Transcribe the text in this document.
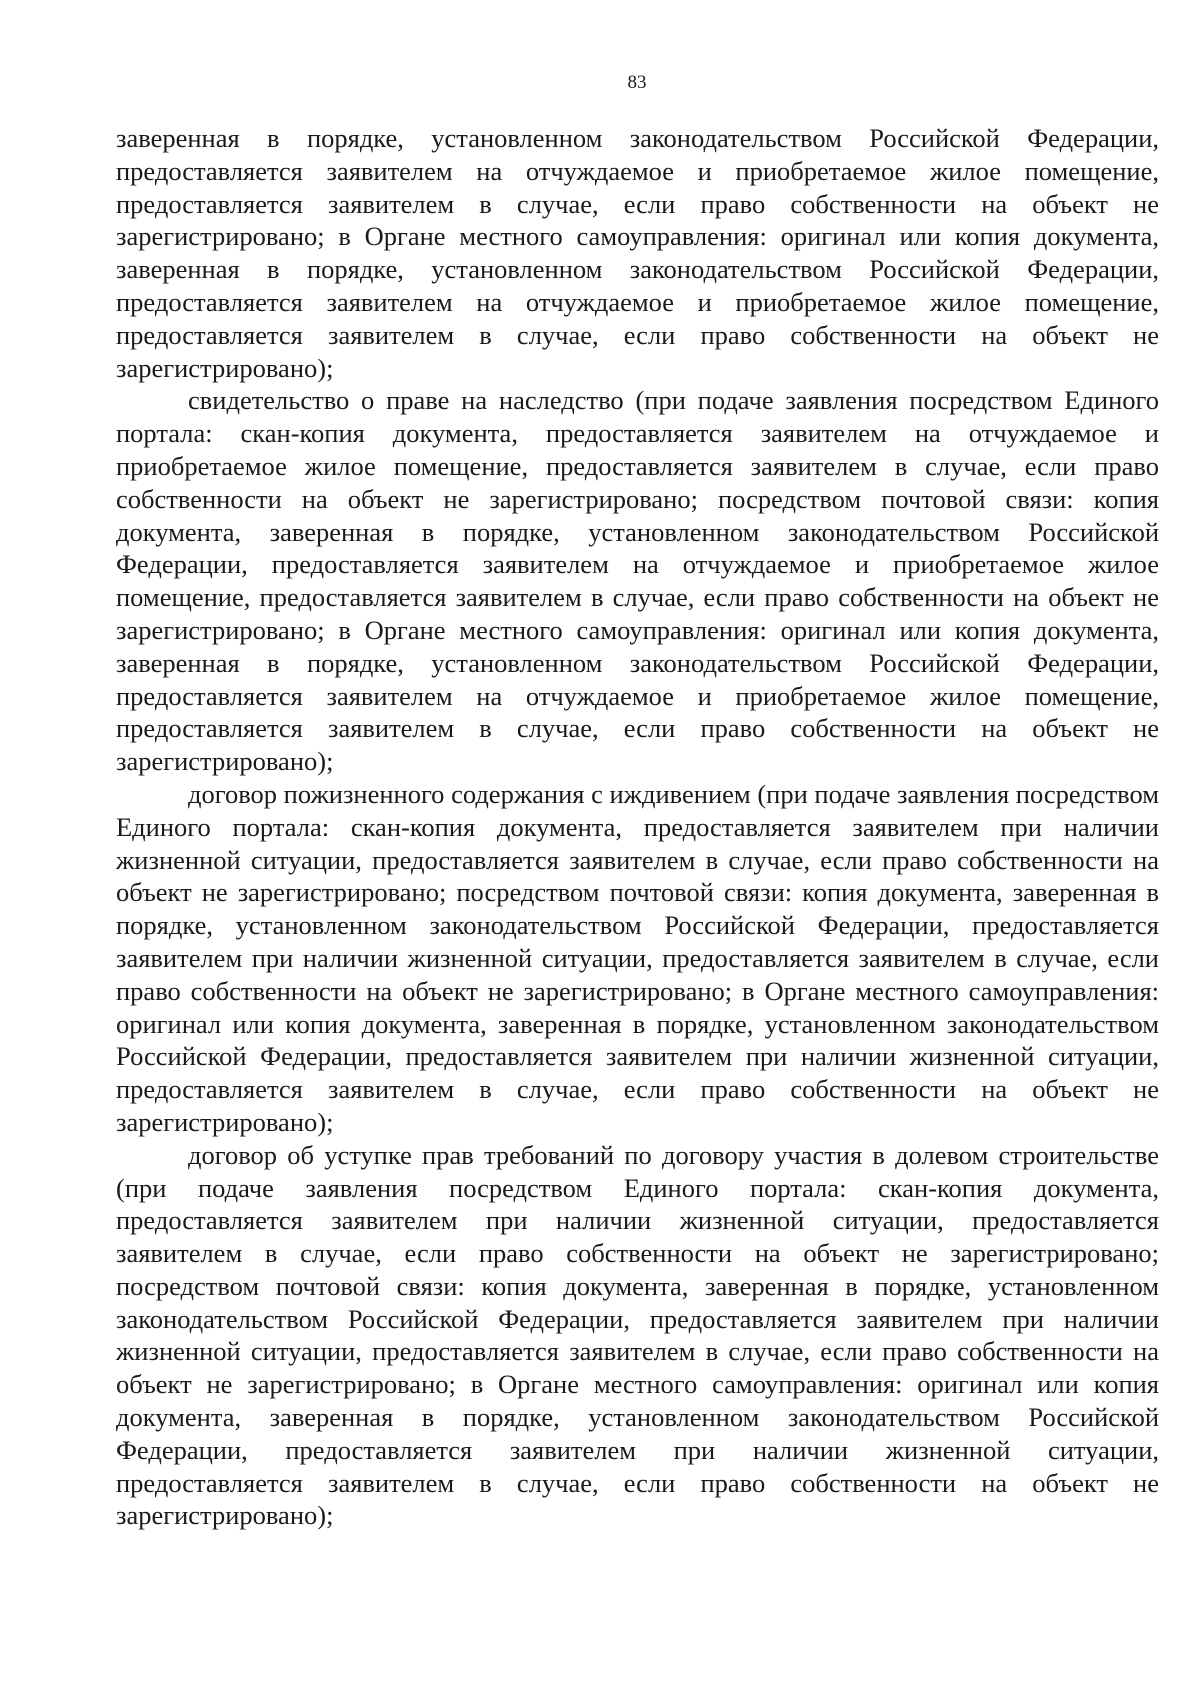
83

заверенная в порядке, установленном законодательством Российской Федерации, предоставляется заявителем на отчуждаемое и приобретаемое жилое помещение, предоставляется заявителем в случае, если право собственности на объект не зарегистрировано; в Органе местного самоуправления: оригинал или копия документа, заверенная в порядке, установленном законодательством Российской Федерации, предоставляется заявителем на отчуждаемое и приобретаемое жилое помещение, предоставляется заявителем в случае, если право собственности на объект не зарегистрировано);

свидетельство о праве на наследство (при подаче заявления посредством Единого портала: скан-копия документа, предоставляется заявителем на отчуждаемое и приобретаемое жилое помещение, предоставляется заявителем в случае, если право собственности на объект не зарегистрировано; посредством почтовой связи: копия документа, заверенная в порядке, установленном законодательством Российской Федерации, предоставляется заявителем на отчуждаемое и приобретаемое жилое помещение, предоставляется заявителем в случае, если право собственности на объект не зарегистрировано; в Органе местного самоуправления: оригинал или копия документа, заверенная в порядке, установленном законодательством Российской Федерации, предоставляется заявителем на отчуждаемое и приобретаемое жилое помещение, предоставляется заявителем в случае, если право собственности на объект не зарегистрировано);

договор пожизненного содержания с иждивением (при подаче заявления посредством Единого портала: скан-копия документа, предоставляется заявителем при наличии жизненной ситуации, предоставляется заявителем в случае, если право собственности на объект не зарегистрировано; посредством почтовой связи: копия документа, заверенная в порядке, установленном законодательством Российской Федерации, предоставляется заявителем при наличии жизненной ситуации, предоставляется заявителем в случае, если право собственности на объект не зарегистрировано; в Органе местного самоуправления: оригинал или копия документа, заверенная в порядке, установленном законодательством Российской Федерации, предоставляется заявителем при наличии жизненной ситуации, предоставляется заявителем в случае, если право собственности на объект не зарегистрировано);

договор об уступке прав требований по договору участия в долевом строительстве (при подаче заявления посредством Единого портала: скан-копия документа, предоставляется заявителем при наличии жизненной ситуации, предоставляется заявителем в случае, если право собственности на объект не зарегистрировано; посредством почтовой связи: копия документа, заверенная в порядке, установленном законодательством Российской Федерации, предоставляется заявителем при наличии жизненной ситуации, предоставляется заявителем в случае, если право собственности на объект не зарегистрировано; в Органе местного самоуправления: оригинал или копия документа, заверенная в порядке, установленном законодательством Российской Федерации, предоставляется заявителем при наличии жизненной ситуации, предоставляется заявителем в случае, если право собственности на объект не зарегистрировано);
